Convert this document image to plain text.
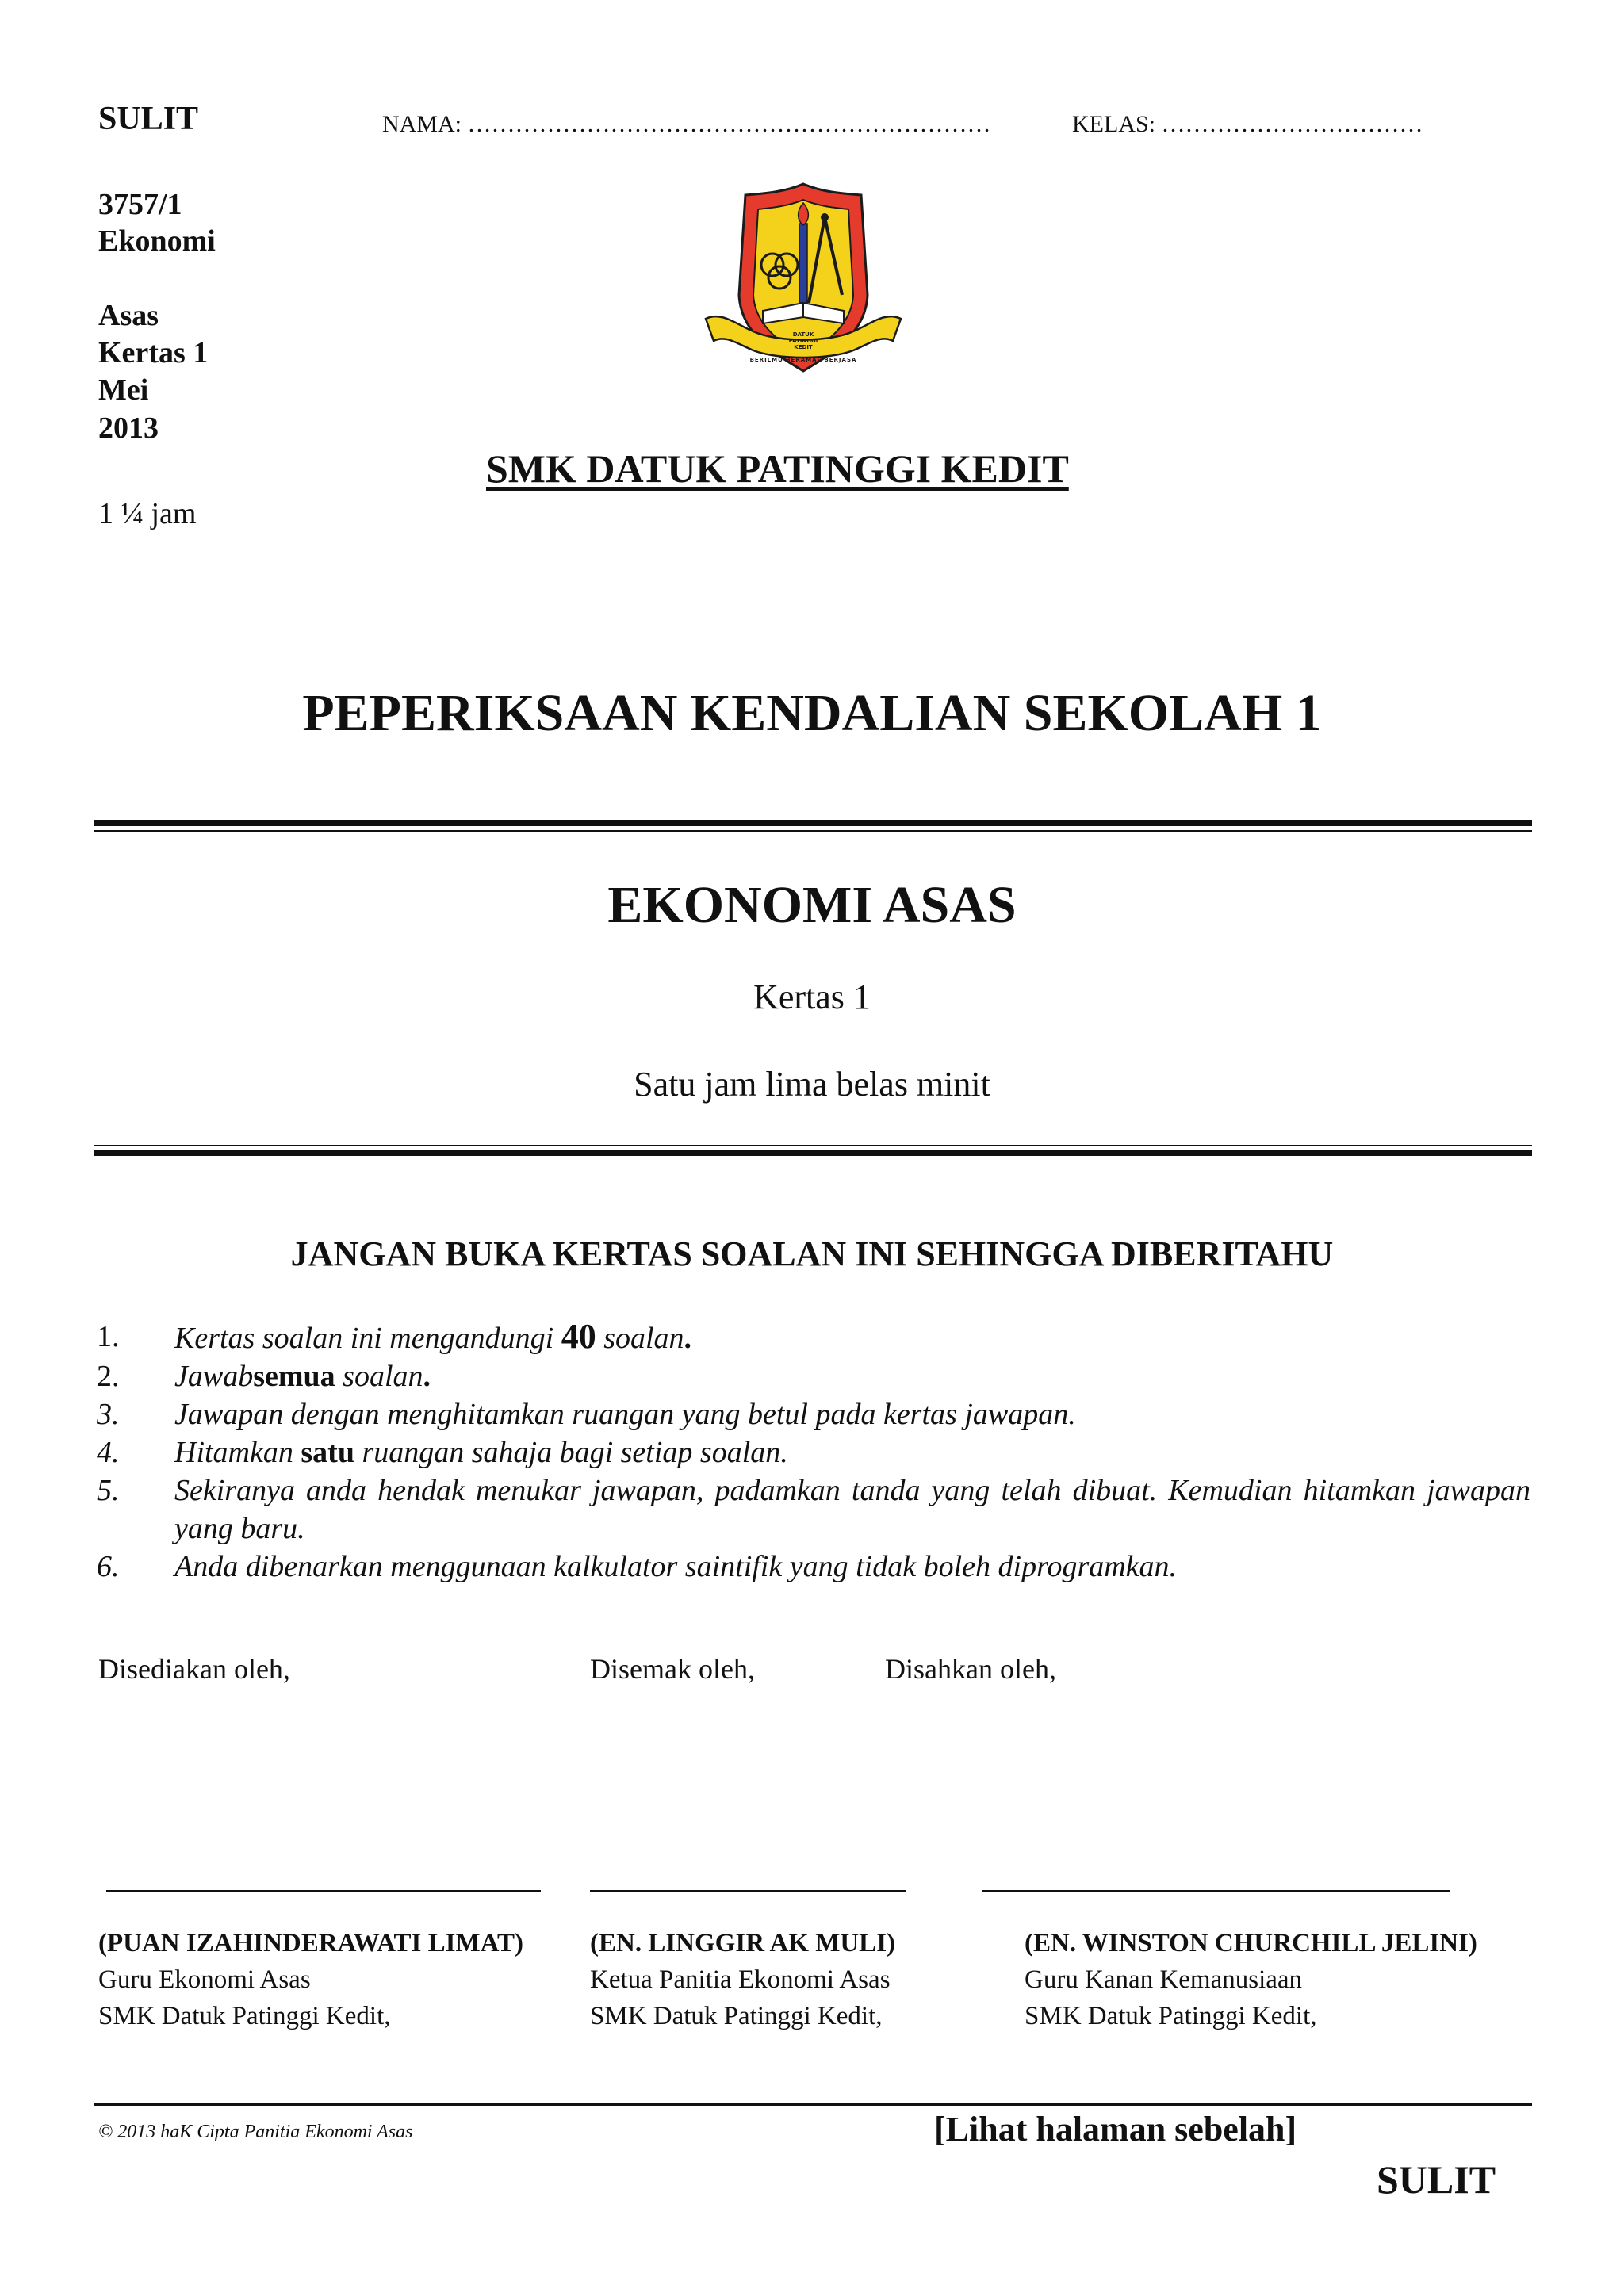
SULIT	NAMA: …………………………………………………………	KELAS: ……………………………
3757/1
Ekonomi
Asas
Kertas 1
Mei
2013
1 ¼ jam
DATUK PATINGGI KEDIT
BERILMU BERAMAL BERJASA
SMK DATUK PATINGGI KEDIT
PEPERIKSAAN KENDALIAN SEKOLAH 1
EKONOMI ASAS
Kertas 1
Satu jam lima belas minit
JANGAN BUKA KERTAS SOALAN INI SEHINGGA DIBERITAHU
1.	Kertas soalan ini mengandungi 40 soalan.
2.	Jawabsemua soalan.
3.	Jawapan dengan menghitamkan ruangan yang betul pada kertas jawapan.
4.	Hitamkan satu ruangan sahaja bagi setiap soalan.
5.	Sekiranya anda hendak menukar jawapan, padamkan tanda yang telah dibuat. Kemudian hitamkan jawapan yang baru.
6.	Anda dibenarkan menggunaan kalkulator saintifik yang tidak boleh diprogramkan.
Disediakan oleh,	Disemak oleh,	Disahkan oleh,
(PUAN IZAHINDERAWATI LIMAT)
Guru Ekonomi Asas
SMK Datuk Patinggi Kedit,
(EN. LINGGIR AK MULI)
Ketua Panitia Ekonomi Asas
SMK Datuk Patinggi Kedit,
(EN. WINSTON CHURCHILL JELINI)
Guru Kanan Kemanusiaan
SMK Datuk Patinggi Kedit,
© 2013 haK Cipta Panitia Ekonomi Asas	[Lihat halaman sebelah]
SULIT
